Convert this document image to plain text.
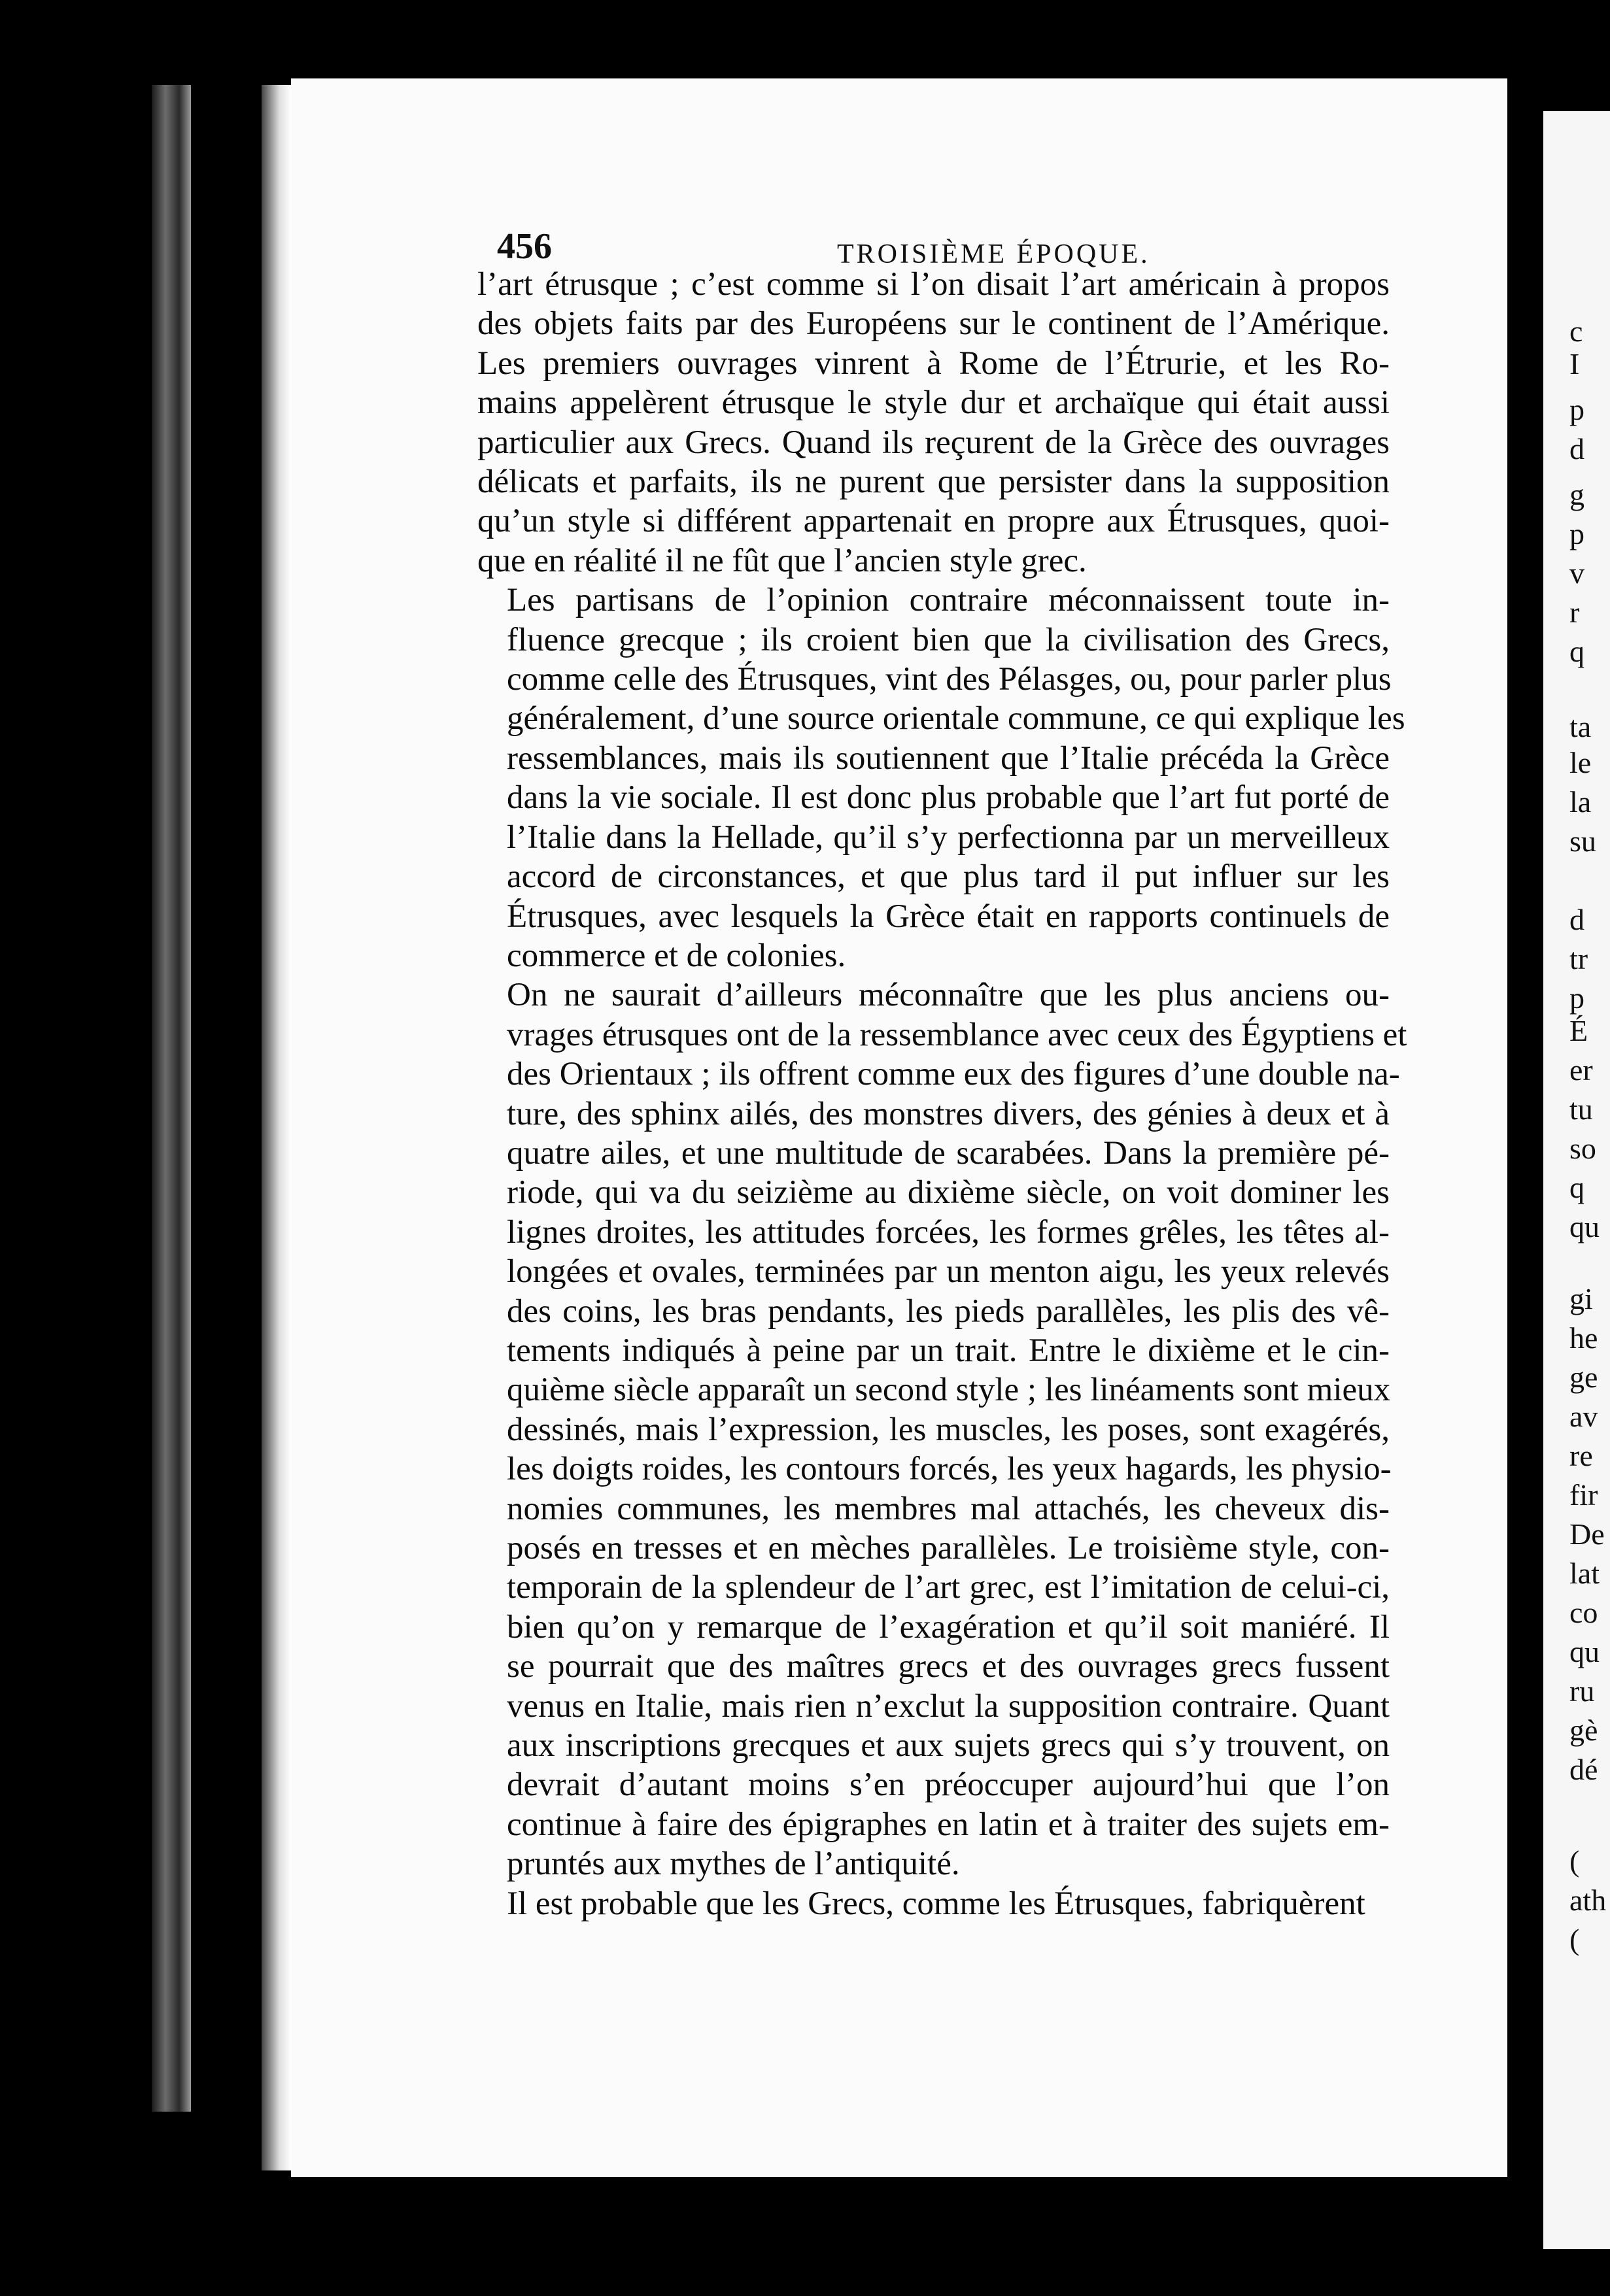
c
I
p
d
g
p
v
r
q
ta
le
la
su
d
tr
p
É
er
tu
so
q
qu
gi
he
ge
av
re
fir
De
lat
co
qu
ru
gè
dé
(
ath
(
456	TROISIÈME ÉPOQUE.
l’art étrusque ; c’est comme si l’on disait l’art américain à propos
des objets faits par des Européens sur le continent de l’Amérique.
Les premiers ouvrages vinrent à Rome de l’Étrurie, et les Ro-
mains appelèrent étrusque le style dur et archaïque qui était aussi
particulier aux Grecs. Quand ils reçurent de la Grèce des ouvrages
délicats et parfaits, ils ne purent que persister dans la supposition
qu’un style si différent appartenait en propre aux Étrusques, quoi-
que en réalité il ne fût que l’ancien style grec.
Les partisans de l’opinion contraire méconnaissent toute in-
fluence grecque ; ils croient bien que la civilisation des Grecs,
comme celle des Étrusques, vint des Pélasges, ou, pour parler plus
généralement, d’une source orientale commune, ce qui explique les
ressemblances, mais ils soutiennent que l’Italie précéda la Grèce
dans la vie sociale. Il est donc plus probable que l’art fut porté de
l’Italie dans la Hellade, qu’il s’y perfectionna par un merveilleux
accord de circonstances, et que plus tard il put influer sur les
Étrusques, avec lesquels la Grèce était en rapports continuels de
commerce et de colonies.
On ne saurait d’ailleurs méconnaître que les plus anciens ou-
vrages étrusques ont de la ressemblance avec ceux des Égyptiens et
des Orientaux ; ils offrent comme eux des figures d’une double na-
ture, des sphinx ailés, des monstres divers, des génies à deux et à
quatre ailes, et une multitude de scarabées. Dans la première pé-
riode, qui va du seizième au dixième siècle, on voit dominer les
lignes droites, les attitudes forcées, les formes grêles, les têtes al-
longées et ovales, terminées par un menton aigu, les yeux relevés
des coins, les bras pendants, les pieds parallèles, les plis des vê-
tements indiqués à peine par un trait. Entre le dixième et le cin-
quième siècle apparaît un second style ; les linéaments sont mieux
dessinés, mais l’expression, les muscles, les poses, sont exagérés,
les doigts roides, les contours forcés, les yeux hagards, les physio-
nomies communes, les membres mal attachés, les cheveux dis-
posés en tresses et en mèches parallèles. Le troisième style, con-
temporain de la splendeur de l’art grec, est l’imitation de celui-ci,
bien qu’on y remarque de l’exagération et qu’il soit maniéré. Il
se pourrait que des maîtres grecs et des ouvrages grecs fussent
venus en Italie, mais rien n’exclut la supposition contraire. Quant
aux inscriptions grecques et aux sujets grecs qui s’y trouvent, on
devrait d’autant moins s’en préoccuper aujourd’hui que l’on
continue à faire des épigraphes en latin et à traiter des sujets em-
pruntés aux mythes de l’antiquité.
Il est probable que les Grecs, comme les Étrusques, fabriquèrent
